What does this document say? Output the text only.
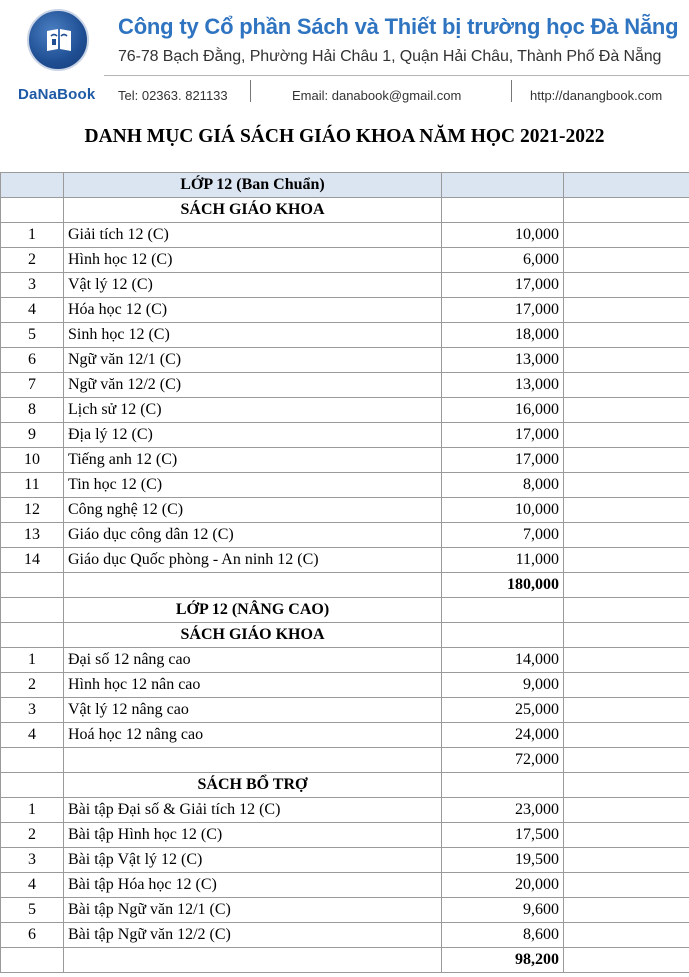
DaNaBook
Công ty Cổ phần Sách và Thiết bị trường học Đà Nẵng
76-78 Bạch Đằng, Phường Hải Châu 1, Quận Hải Châu, Thành Phố Đà Nẵng
Tel: 02363. 821133	Email: danabook@gmail.com	http://danangbook.com
DANH MỤC GIÁ SÁCH GIÁO KHOA NĂM HỌC 2021-2022
	LỚP 12 (Ban Chuẩn)		
	SÁCH GIÁO KHOA		
1	Giải tích 12 (C)	10,000	
2	Hình học 12 (C)	6,000	
3	Vật lý 12 (C)	17,000	
4	Hóa học 12 (C)	17,000	
5	Sinh học 12 (C)	18,000	
6	Ngữ văn 12/1 (C)	13,000	
7	Ngữ văn 12/2 (C)	13,000	
8	Lịch sử 12 (C)	16,000	
9	Địa lý 12 (C)	17,000	
10	Tiếng anh 12 (C)	17,000	
11	Tin học 12 (C)	8,000	
12	Công nghệ 12 (C)	10,000	
13	Giáo dục công dân 12 (C)	7,000	
14	Giáo dục Quốc phòng - An ninh 12 (C)	11,000	
		180,000	
	LỚP 12 (NÂNG CAO)		
	SÁCH GIÁO KHOA		
1	Đại số 12 nâng cao	14,000	
2	Hình học 12 nân cao	9,000	
3	Vật lý 12 nâng cao	25,000	
4	Hoá học 12 nâng cao	24,000	
		72,000	
	SÁCH BỔ TRỢ		
1	Bài tập Đại số & Giải tích 12 (C)	23,000	
2	Bài tập Hình học 12 (C)	17,500	
3	Bài tập Vật lý 12 (C)	19,500	
4	Bài tập Hóa học 12 (C)	20,000	
5	Bài tập Ngữ văn 12/1 (C)	9,600	
6	Bài tập Ngữ văn 12/2 (C)	8,600	
		98,200	
